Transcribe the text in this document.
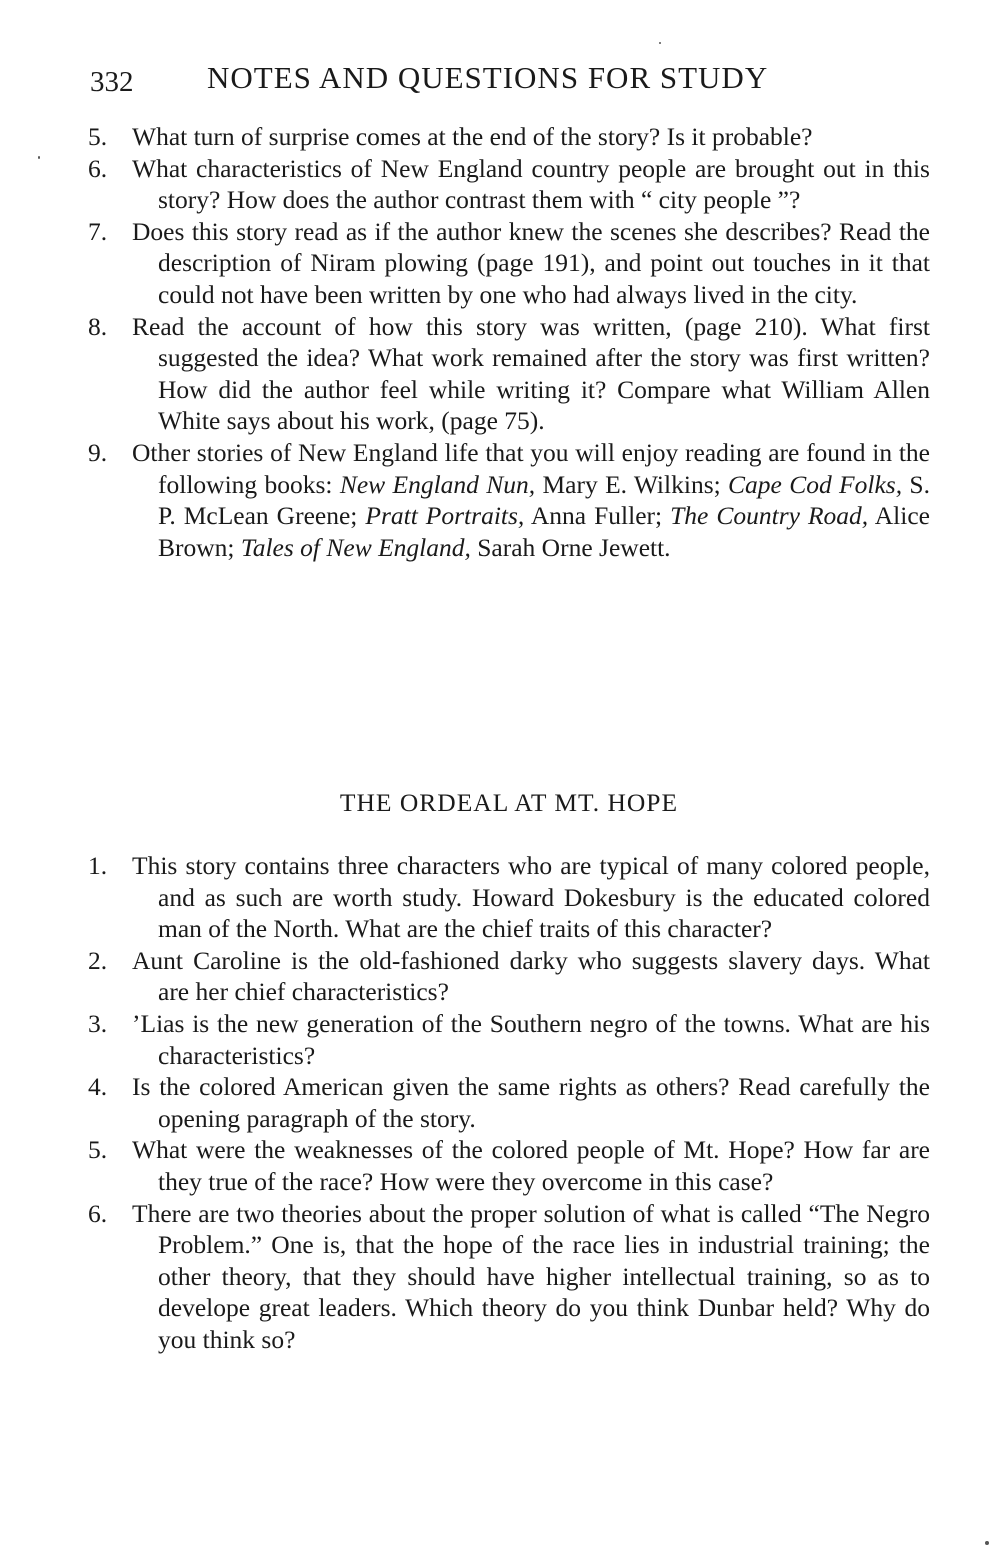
332 NOTES AND QUESTIONS FOR STUDY
5. What turn of surprise comes at the end of the story? Is it probable?
6. What characteristics of New England country people are brought out in this story? How does the author contrast them with “ city people ”?
7. Does this story read as if the author knew the scenes she describes? Read the description of Niram plowing (page 191), and point out touches in it that could not have been written by one who had always lived in the city.
8. Read the account of how this story was written, (page 210). What first suggested the idea? What work remained after the story was first written? How did the author feel while writing it? Compare what William Allen White says about his work, (page 75).
9. Other stories of New England life that you will enjoy reading are found in the following books: New England Nun, Mary E. Wilkins; Cape Cod Folks, S. P. McLean Greene; Pratt Portraits, Anna Fuller; The Country Road, Alice Brown; Tales of New England, Sarah Orne Jewett.
THE ORDEAL AT MT. HOPE
1. This story contains three characters who are typical of many colored people, and as such are worth study. Howard Dokesbury is the educated colored man of the North. What are the chief traits of this character?
2. Aunt Caroline is the old-fashioned darky who suggests slavery days. What are her chief characteristics?
3. ’Lias is the new generation of the Southern negro of the towns. What are his characteristics?
4. Is the colored American given the same rights as others? Read carefully the opening paragraph of the story.
5. What were the weaknesses of the colored people of Mt. Hope? How far are they true of the race? How were they overcome in this case?
6. There are two theories about the proper solution of what is called “The Negro Problem.” One is, that the hope of the race lies in industrial training; the other theory, that they should have higher intellectual training, so as to develope great leaders. Which theory do you think Dunbar held? Why do you think so?
